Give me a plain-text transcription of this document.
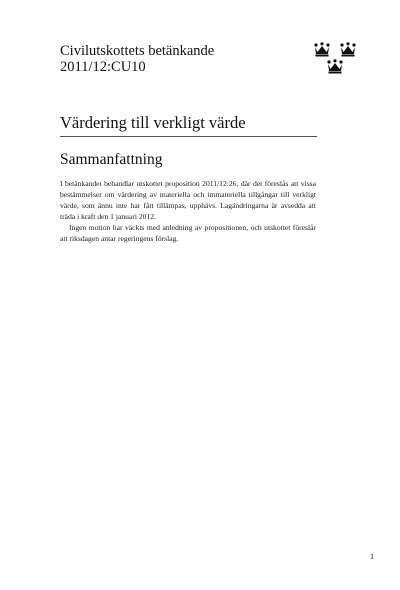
Civilutskottets betänkande
2011/12:CU10
Värdering till verkligt värde
Sammanfattning

I betänkandet behandlar utskottet proposition 2011/12:26, där det föreslås att vissa bestämmelser om värdering av materiella och immateriella tillgångar till verkligt värde, som ännu inte har fått tillämpas, upphävs. Lagändringarna är avsedda att träda i kraft den 1 januari 2012.

Ingen motion har väckts med anledning av propositionen, och utskottet föreslår att riksdagen antar regeringens förslag.

1
